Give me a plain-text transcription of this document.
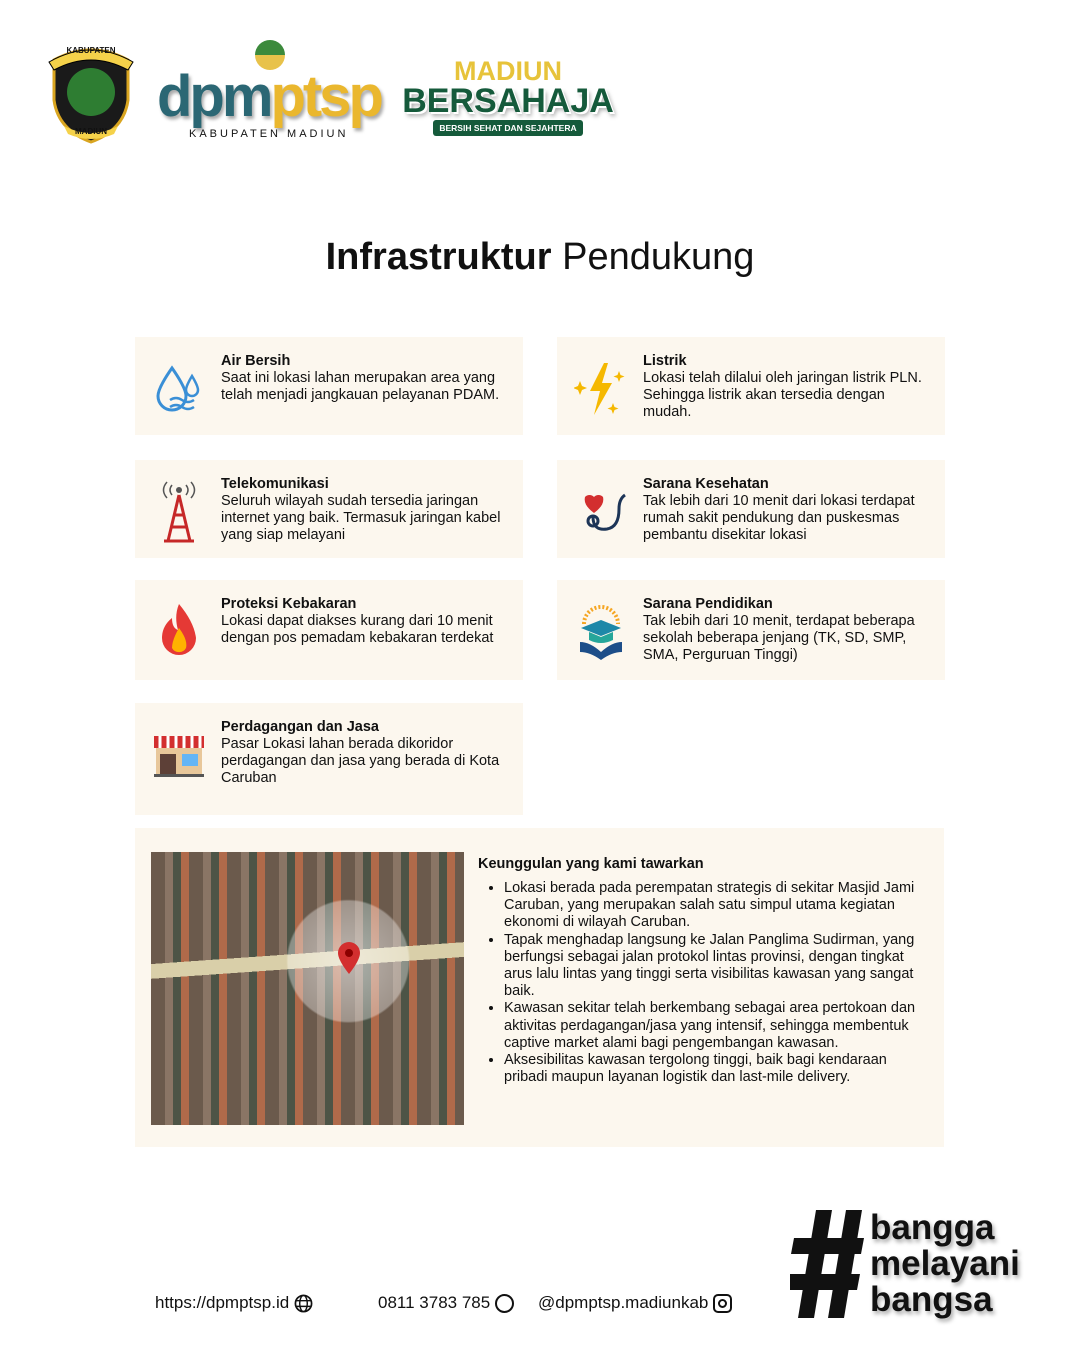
KABUPATEN
MADIUN
dpmptsp
KABUPATEN MADIUN
MADIUN
BERSAHAJA
BERSIH SEHAT DAN SEJAHTERA
Infrastruktur Pendukung
Air Bersih

Saat ini lokasi lahan merupakan area yang telah menjadi jangkauan pelayanan PDAM.

Listrik

Lokasi telah dilalui oleh jaringan listrik PLN. Sehingga listrik akan tersedia dengan mudah.

Telekomunikasi

Seluruh wilayah sudah tersedia jaringan internet yang baik. Termasuk jaringan kabel yang siap melayani

Sarana Kesehatan

Tak lebih dari 10 menit dari lokasi terdapat rumah sakit pendukung dan puskesmas pembantu disekitar lokasi

Proteksi Kebakaran

Lokasi dapat diakses kurang dari 10 menit dengan pos pemadam kebakaran terdekat

Sarana Pendidikan

Tak lebih dari 10 menit, terdapat beberapa sekolah beberapa jenjang (TK, SD, SMP, SMA, Perguruan Tinggi)

Perdagangan dan Jasa

Pasar Lokasi lahan berada dikoridor perdagangan dan jasa yang berada di Kota Caruban

Keunggulan yang kami tawarkan
• Lokasi berada pada perempatan strategis di sekitar Masjid Jami Caruban, yang merupakan salah satu simpul utama kegiatan ekonomi di wilayah Caruban.
• Tapak menghadap langsung ke Jalan Panglima Sudirman, yang berfungsi sebagai jalan protokol lintas provinsi, dengan tingkat arus lalu lintas yang tinggi serta visibilitas kawasan yang sangat baik.
• Kawasan sekitar telah berkembang sebagai area pertokoan dan aktivitas perdagangan/jasa yang intensif, sehingga membentuk captive market alami bagi pengembangan kawasan.
• Aksesibilitas kawasan tergolong tinggi, baik bagi kendaraan pribadi maupun layanan logistik dan last-mile delivery.
https://dpmptsp.id	0811 3783 785	@dpmptsp.madiunkab
bangga
melayani
bangsa
